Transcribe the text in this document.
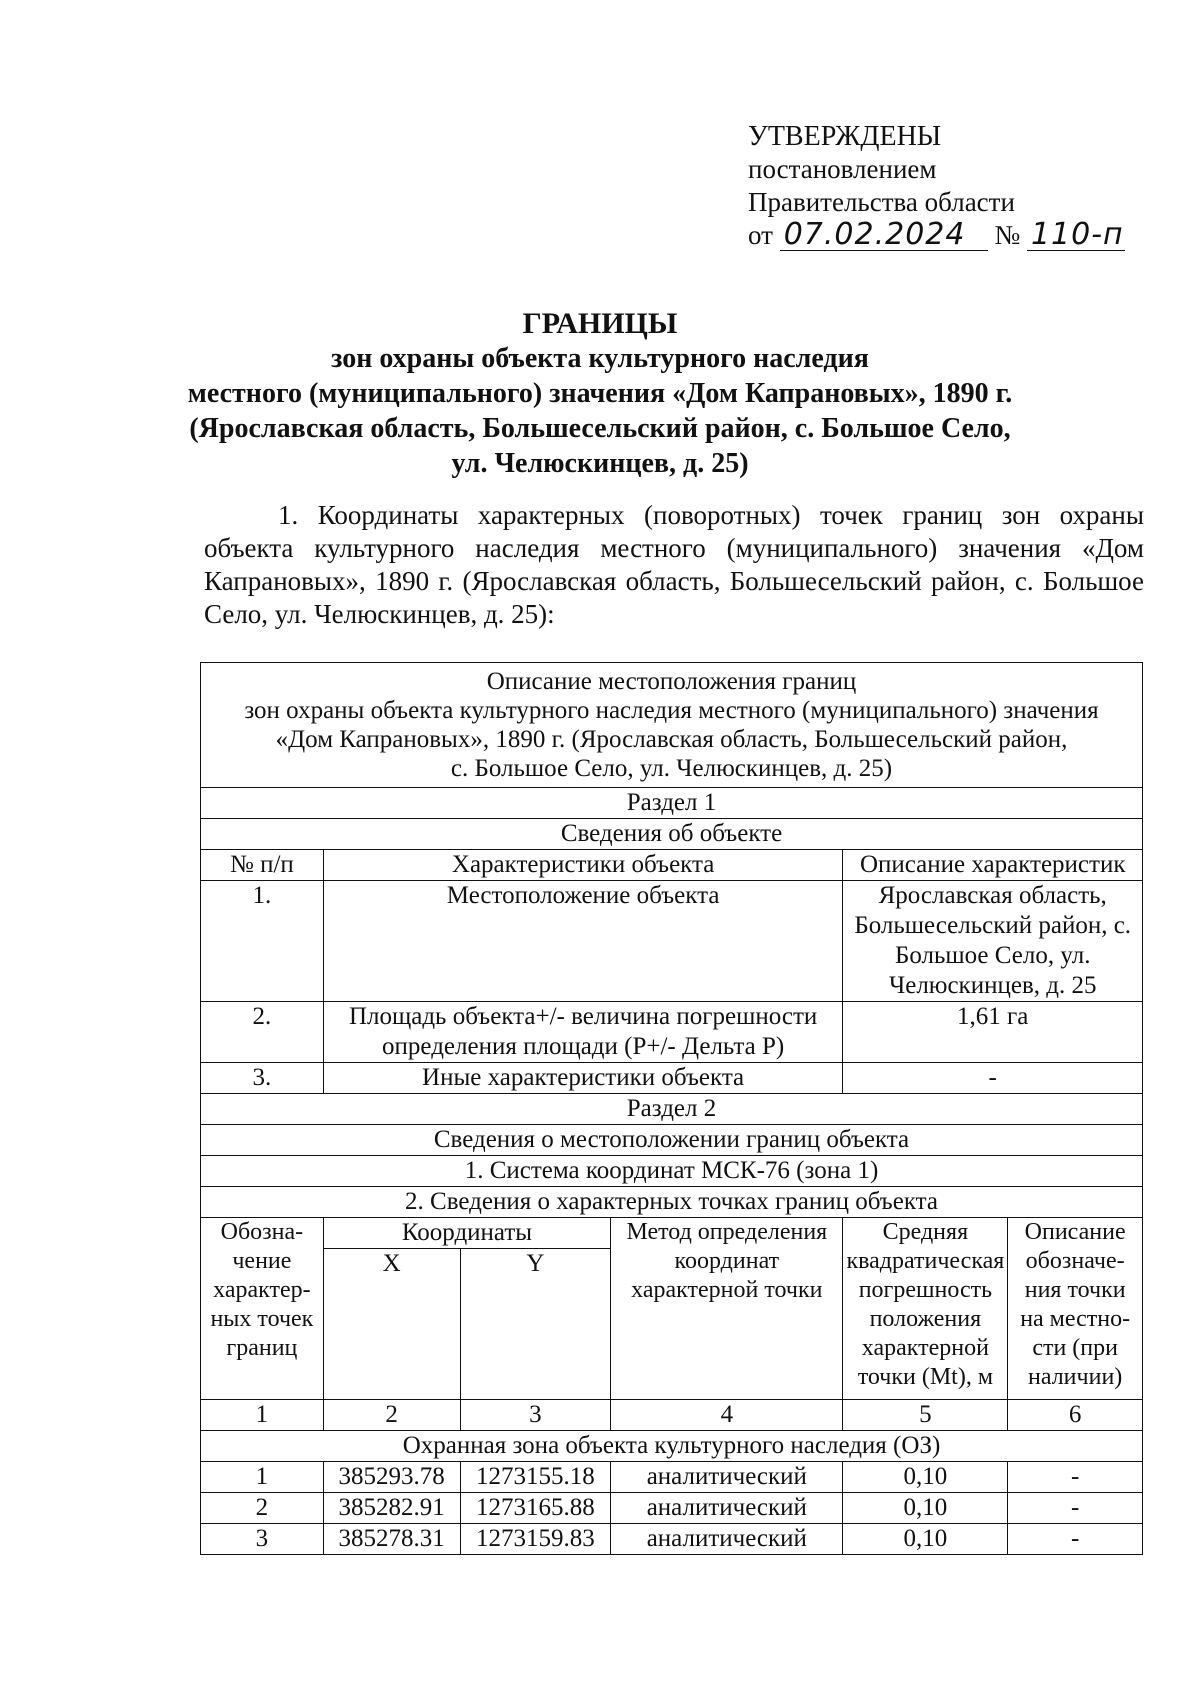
УТВЕРЖДЕНЫ
постановлением
Правительства области
от 07.02.2024 № 110-п
ГРАНИЦЫ
зон охраны объекта культурного наследия
местного (муниципального) значения «Дом Капрановых», 1890 г.
(Ярославская область, Большесельский район, с. Большое Село,
ул. Челюскинцев, д. 25)
1. Координаты характерных (поворотных) точек границ зон охраны объекта культурного наследия местного (муниципального) значения «Дом Капрановых», 1890 г. (Ярославская область, Большесельский район, с. Большое Село, ул. Челюскинцев, д. 25):
Описание местоположения границ
зон охраны объекта культурного наследия местного (муниципального) значения
«Дом Капрановых», 1890 г. (Ярославская область, Большесельский район,
с. Большое Село, ул. Челюскинцев, д. 25)					

Раздел 1					
Сведения об объекте					
№ п/п	Характеристики объекта			Описание характеристик	
1.	Местоположение объекта			Ярославская область, Большесельский район, с. Большое Село, ул. Челюскинцев, д. 25	
2.	Площадь объекта+/- величина погрешности определения площади (Р+/- Дельта Р)			1,61 га	
3.	Иные характеристики объекта			-	
Раздел 2					
Сведения о местоположении границ объекта					
1. Система координат МСК-76 (зона 1)					
2. Сведения о характерных точках границ объекта					
Обозна-чение характер-ных точек границ	Координаты		Метод определения координат характерной точки	Средняя квадратическая погрешность положения характерной точки (Mt), м	Описание обозначе-ния точки на местно-сти (при наличии)
	X	Y			
1	2	3	4	5	6
Охранная зона объекта культурного наследия (ОЗ)					
1	385293.78	1273155.18	аналитический	0,10	-
2	385282.91	1273165.88	аналитический	0,10	-
3	385278.31	1273159.83	аналитический	0,10	-
